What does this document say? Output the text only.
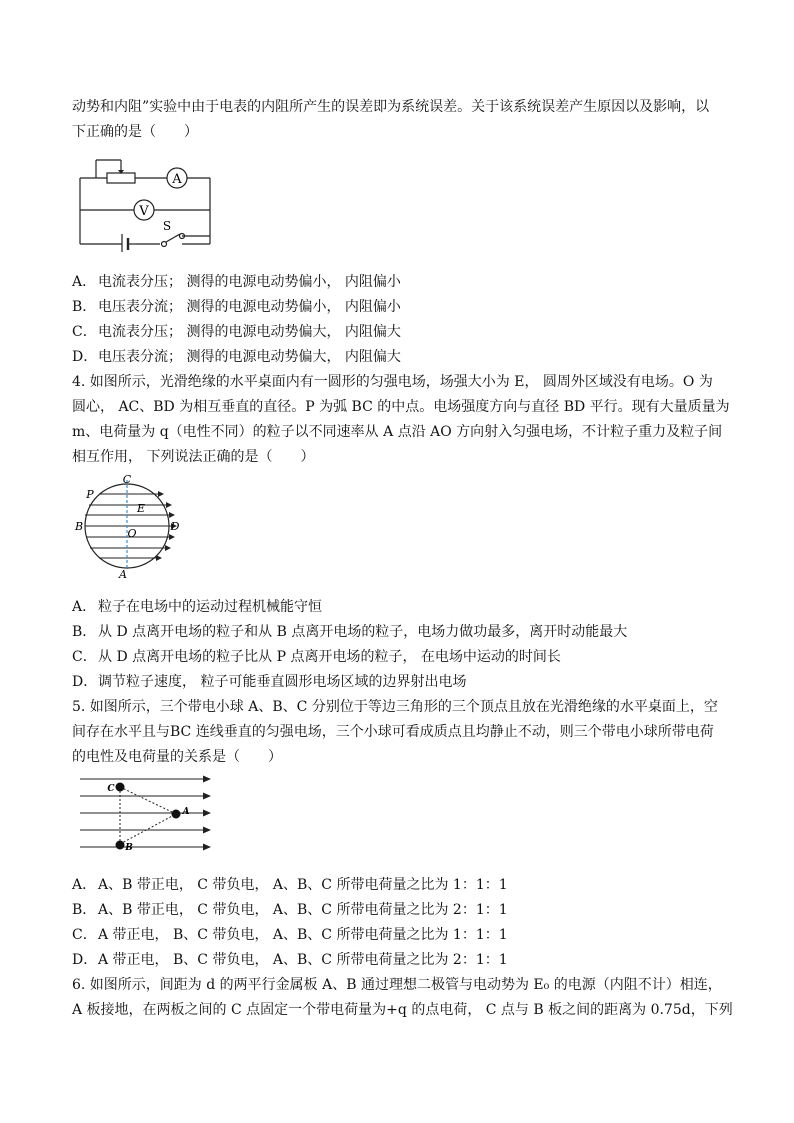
动势和内阻”实验中由于电表的内阻所产生的误差即为系统误差。关于该系统误差产生原因以及影响，以
下正确的是（　　）
A
V
S
A． 电流表分压； 测得的电源电动势偏小， 内阻偏小
B． 电压表分流； 测得的电源电动势偏小， 内阻偏小
C．电流表分压； 测得的电源电动势偏大， 内阻偏大
D．电压表分流； 测得的电源电动势偏大， 内阻偏大
4. 如图所示，光滑绝缘的水平桌面内有一圆形的匀强电场，场强大小为 E， 圆周外区域没有电场。O 为
圆心， AC、BD 为相互垂直的直径。P 为弧 BC 的中点。电场强度方向与直径 BD 平行。现有大量质量为
m、电荷量为 q（电性不同）的粒子以不同速率从 A 点沿 AO 方向射入匀强电场，不计粒子重力及粒子间
相互作用， 下列说法正确的是（　　）
C
P
E
B	D
O
A
A． 粒子在电场中的运动过程机械能守恒
B． 从 D 点离开电场的粒子和从 B 点离开电场的粒子，电场力做功最多，离开时动能最大
C．从 D 点离开电场的粒子比从 P 点离开电场的粒子， 在电场中运动的时间长
D．调节粒子速度， 粒子可能垂直圆形电场区域的边界射出电场
5. 如图所示，三个带电小球 A、B、C 分别位于等边三角形的三个顶点且放在光滑绝缘的水平桌面上，空
间存在水平且与BC 连线垂直的匀强电场，三个小球可看成质点且均静止不动，则三个带电小球所带电荷
的电性及电荷量的关系是（　　）
C
A
B
A． A、B 带正电， C 带负电， A、B、C 所带电荷量之比为 1：1：1
B． A、B 带正电， C 带负电， A、B、C 所带电荷量之比为 2：1：1
C．A 带正电， B、C 带负电， A、B、C 所带电荷量之比为 1：1：1
D．A 带正电， B、C 带负电， A、B、C 所带电荷量之比为 2：1：1
6. 如图所示，间距为 d 的两平行金属板 A、B 通过理想二极管与电动势为 E₀ 的电源（内阻不计）相连，
A 板接地，在两板之间的 C 点固定一个带电荷量为+q 的点电荷， C 点与 B 板之间的距离为 0.75d，下列
